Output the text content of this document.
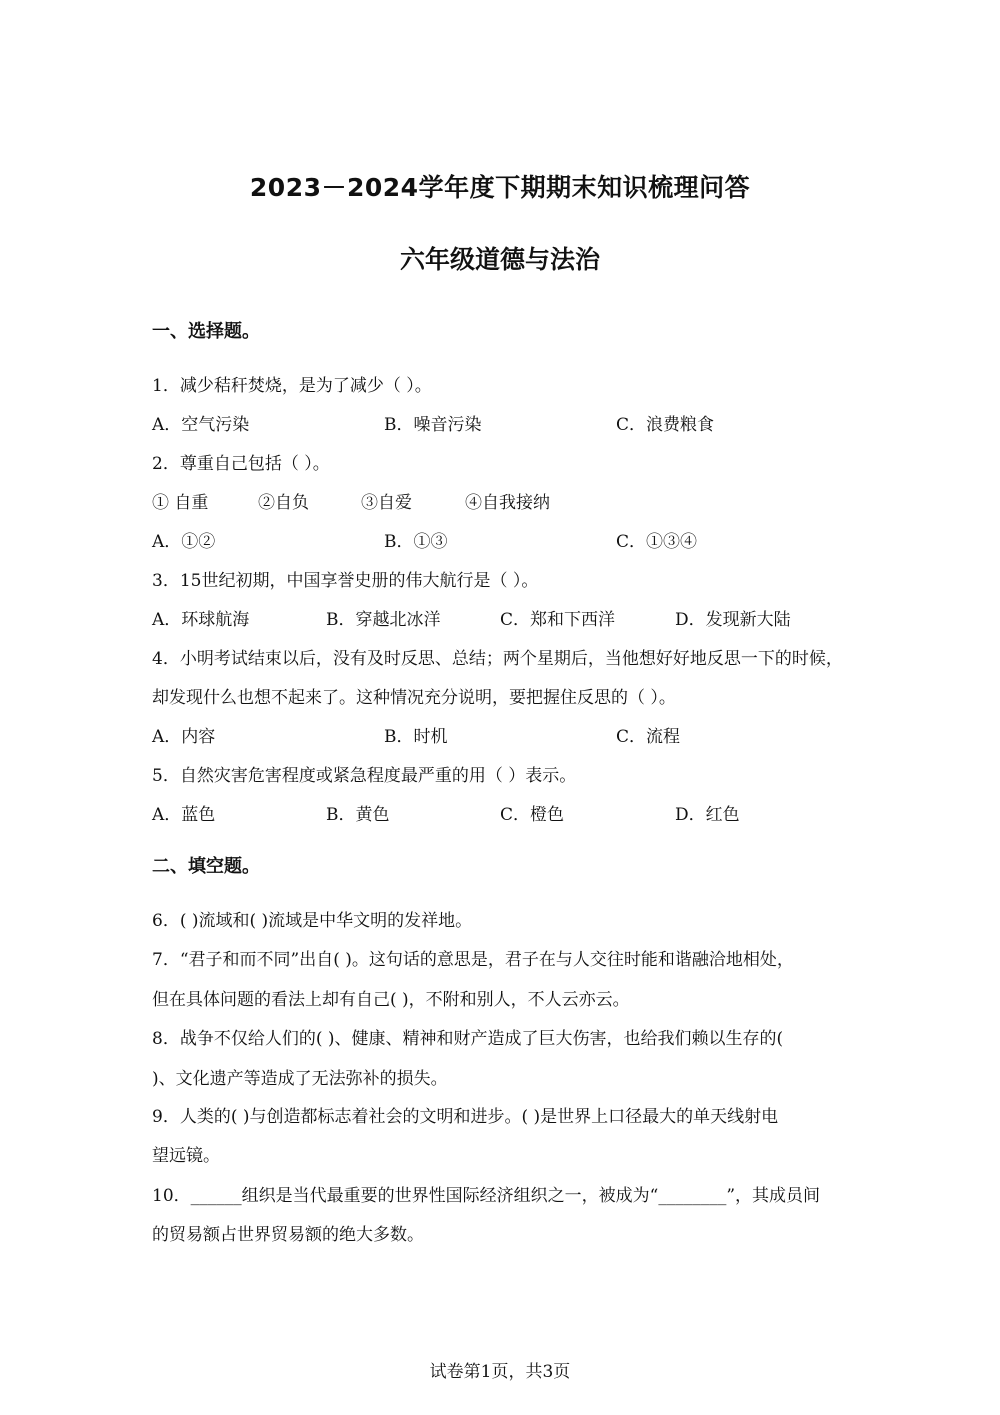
2023－2024学年度下期期末知识梳理问答
六年级道德与法治
一、选择题。
1．减少秸秆焚烧，是为了减少（ ）。
A．空气污染	B．噪音污染	C．浪费粮食
2．尊重自己包括（ ）。
① 自重	②自负	③自爱	④自我接纳
A．①②	B．①③	C．①③④
3．15世纪初期，中国享誉史册的伟大航行是（ ）。
A．环球航海	B．穿越北冰洋	C．郑和下西洋	D．发现新大陆
4．小明考试结束以后，没有及时反思、总结；两个星期后，当他想好好地反思一下的时候，
却发现什么也想不起来了。这种情况充分说明，要把握住反思的（ ）。
A．内容	B．时机	C．流程
5．自然灾害危害程度或紧急程度最严重的用（ ）表示。
A．蓝色	B．黄色	C．橙色	D．红色
二、填空题。
6．( )流域和( )流域是中华文明的发祥地。
7．“君子和而不同”出自( )。这句话的意思是，君子在与人交往时能和谐融洽地相处，
但在具体问题的看法上却有自己( )，不附和别人，不人云亦云。
8．战争不仅给人们的( )、健康、精神和财产造成了巨大伤害，也给我们赖以生存的(
)、文化遗产等造成了无法弥补的损失。
9．人类的( )与创造都标志着社会的文明和进步。( )是世界上口径最大的单天线射电
望远镜。
10．______组织是当代最重要的世界性国际经济组织之一，被成为“________”，其成员间
的贸易额占世界贸易额的绝大多数。
试卷第1页，共3页
